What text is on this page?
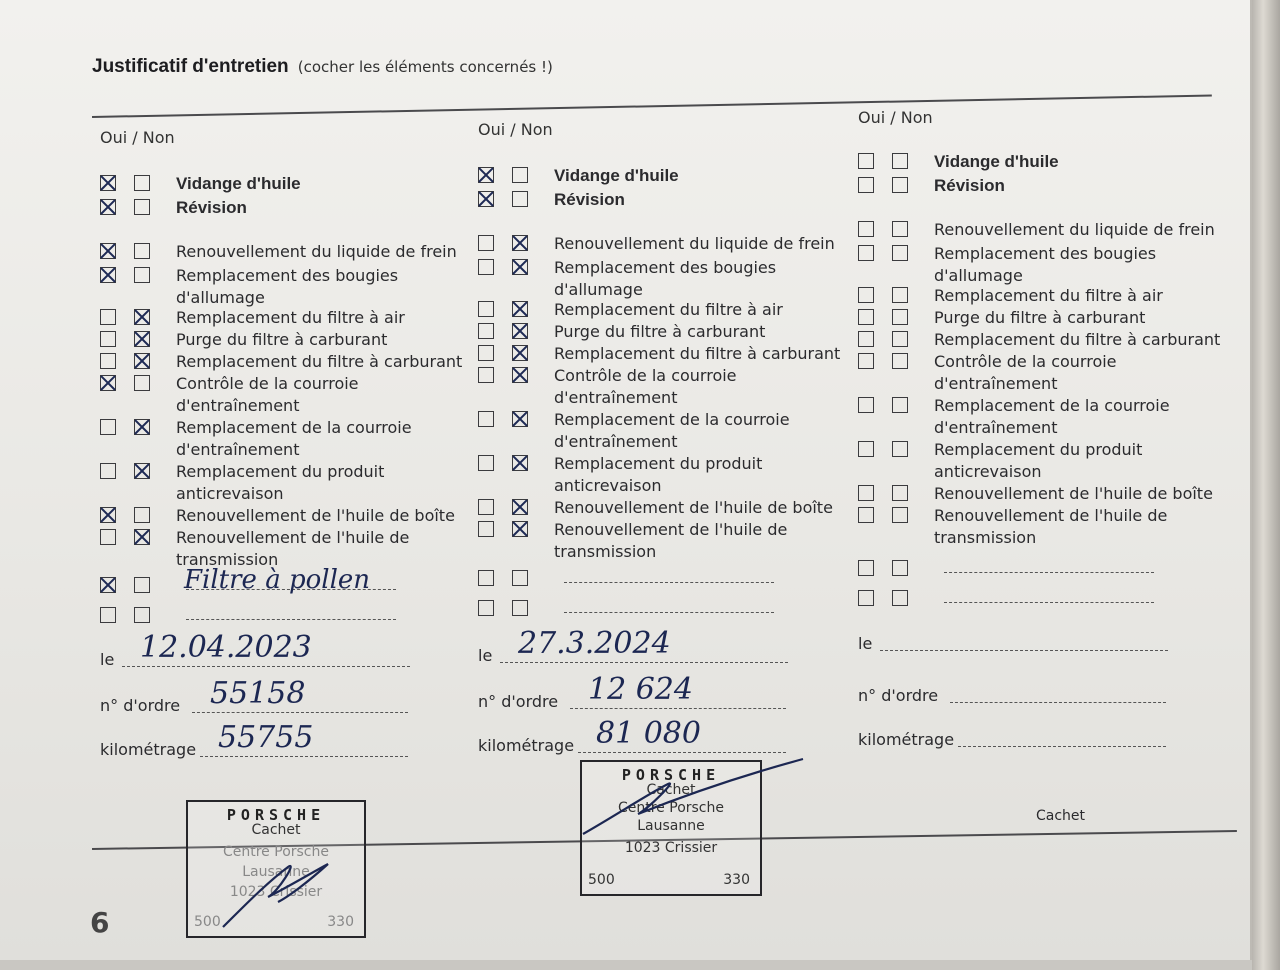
Justificatif d'entretien (cocher les éléments concernés !)
Oui / Non
Vidange d'huile
Révision
Renouvellement du liquide de frein
Remplacement des bougies
d'allumage
Remplacement du filtre à air
Purge du filtre à carburant
Remplacement du filtre à carburant
Contrôle de la courroie
d'entraînement
Remplacement de la courroie
d'entraînement
Remplacement du produit
anticrevaison
Renouvellement de l'huile de boîte
Renouvellement de l'huile de
transmission
Filtre à pollen
le 12.04.2023
n° d'ordre 55158
kilométrage 55755
PORSCHE
Cachet
Centre Porsche
Lausanne
1023 Crissier
500	330
Oui / Non
Vidange d'huile
Révision
Renouvellement du liquide de frein
Remplacement des bougies
d'allumage
Remplacement du filtre à air
Purge du filtre à carburant
Remplacement du filtre à carburant
Contrôle de la courroie
d'entraînement
Remplacement de la courroie
d'entraînement
Remplacement du produit
anticrevaison
Renouvellement de l'huile de boîte
Renouvellement de l'huile de
transmission
le 27.3.2024
n° d'ordre 12 624
kilométrage 81 080
PORSCHE
Cachet
Centre Porsche
Lausanne
1023 Crissier
500	330
Oui / Non
Vidange d'huile
Révision
Renouvellement du liquide de frein
Remplacement des bougies
d'allumage
Remplacement du filtre à air
Purge du filtre à carburant
Remplacement du filtre à carburant
Contrôle de la courroie
d'entraînement
Remplacement de la courroie
d'entraînement
Remplacement du produit
anticrevaison
Renouvellement de l'huile de boîte
Renouvellement de l'huile de
transmission
le
n° d'ordre
kilométrage
Cachet
6
